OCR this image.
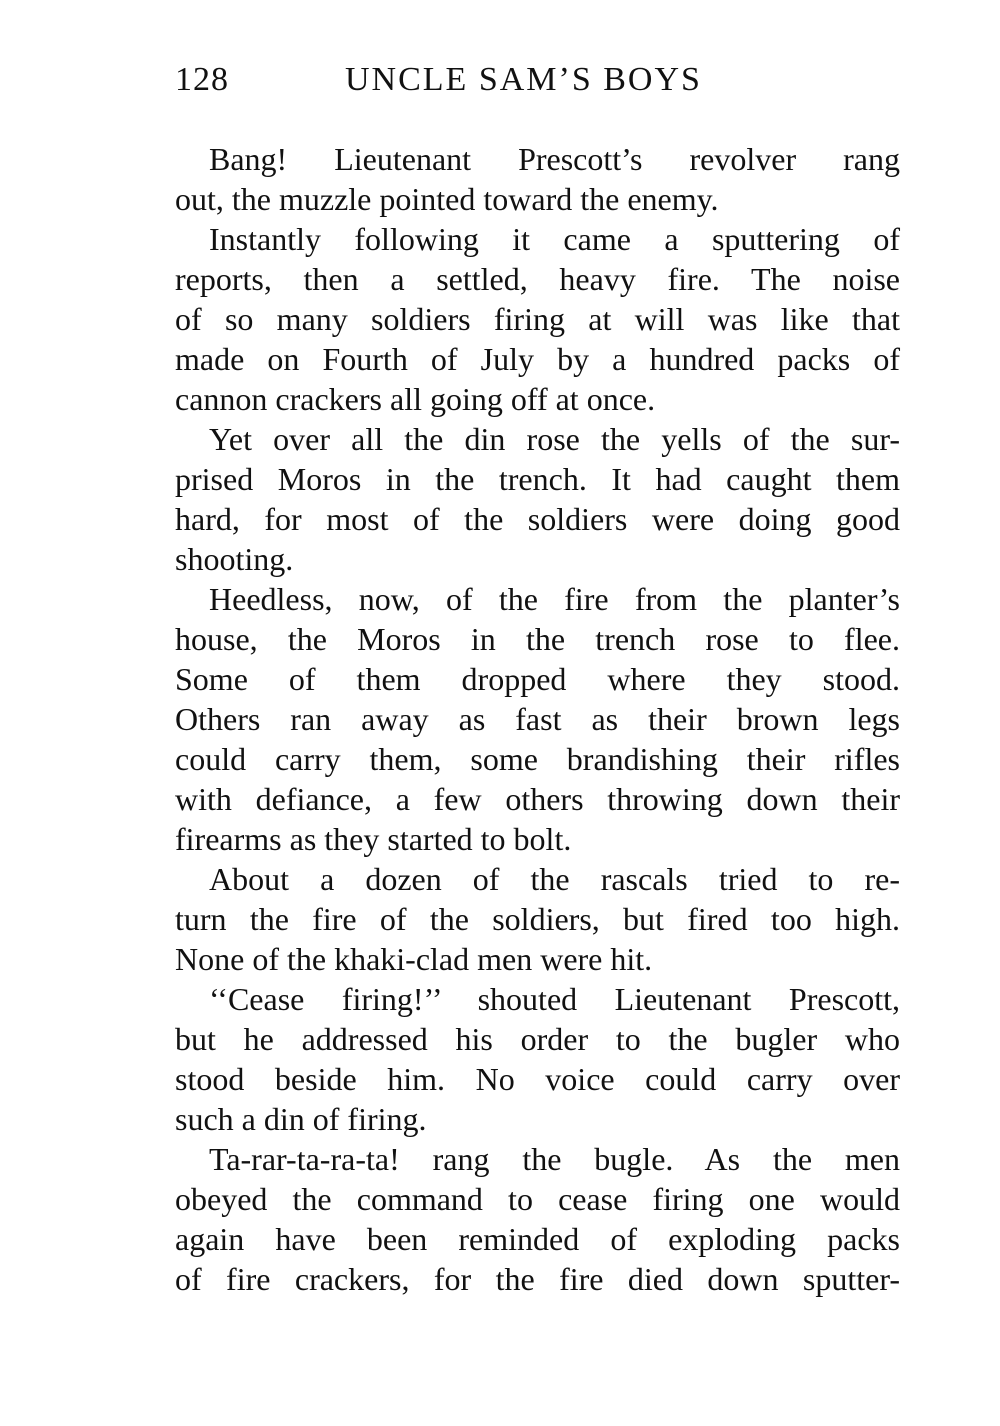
128	UNCLE SAM’S BOYS
Bang! Lieutenant Prescott’s revolver rang
out, the muzzle pointed toward the enemy.
Instantly following it came a sputtering of
reports, then a settled, heavy fire. The noise
of so many soldiers firing at will was like that
made on Fourth of July by a hundred packs of
cannon crackers all going off at once.
Yet over all the din rose the yells of the sur-
prised Moros in the trench. It had caught them
hard, for most of the soldiers were doing good
shooting.
Heedless, now, of the fire from the planter’s
house, the Moros in the trench rose to flee.
Some of them dropped where they stood.
Others ran away as fast as their brown legs
could carry them, some brandishing their rifles
with defiance, a few others throwing down their
firearms as they started to bolt.
About a dozen of the rascals tried to re-
turn the fire of the soldiers, but fired too high.
None of the khaki-clad men were hit.
‘‘Cease firing!’’ shouted Lieutenant Prescott,
but he addressed his order to the bugler who
stood beside him. No voice could carry over
such a din of firing.
Ta-rar-ta-ra-ta! rang the bugle. As the men
obeyed the command to cease firing one would
again have been reminded of exploding packs
of fire crackers, for the fire died down sputter-
